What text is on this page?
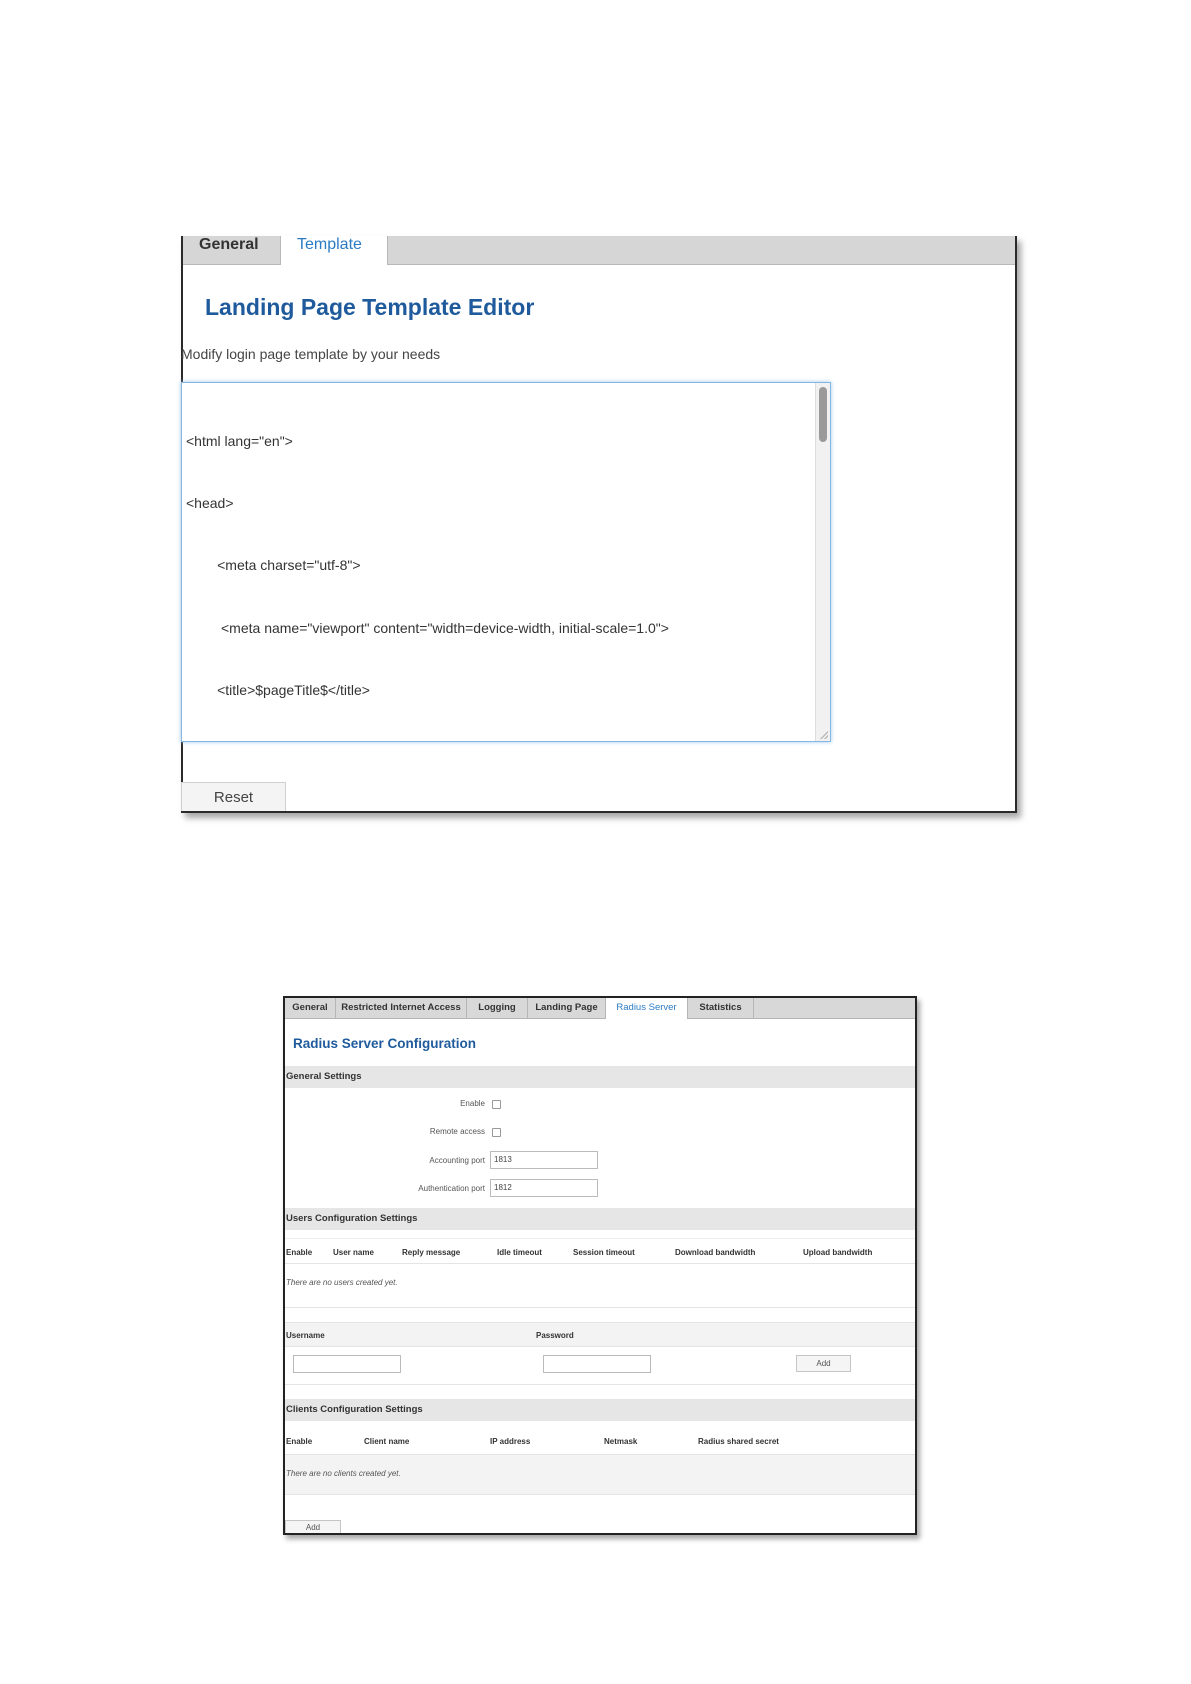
General	Template
Landing Page Template Editor
Modify login page template by your needs

<html lang="en">

<head>

<meta charset="utf-8">

<meta name="viewport" content="width=device-width, initial-scale=1.0">

<title>$pageTitle$</title>

Reset
General	Restricted Internet Access	Logging	Landing Page	Radius Server	Statistics
Radius Server Configuration
General Settings
Enable
Remote access
Accounting port	1813
Authentication port	1812
Users Configuration Settings
Enable	User name	Reply message	Idle timeout	Session timeout	Download bandwidth	Upload bandwidth
There are no users created yet.
Username	Password
Add
Clients Configuration Settings
Enable	Client name	IP address	Netmask	Radius shared secret
There are no clients created yet.
Add
